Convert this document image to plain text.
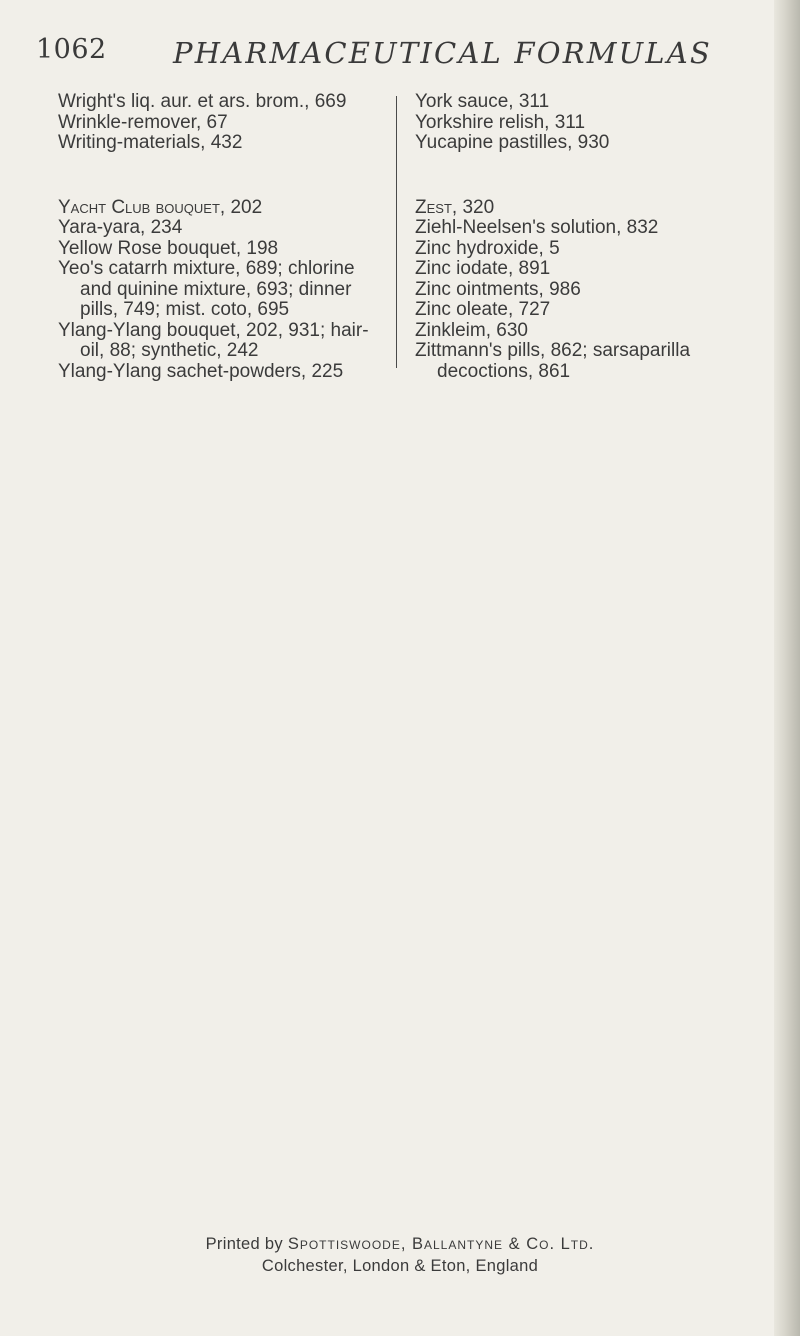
1062 PHARMACEUTICAL FORMULAS

Wright's liq. aur. et ars. brom., 669

Wrinkle-remover, 67

Writing-materials, 432

Yacht Club bouquet, 202

Yara-yara, 234

Yellow Rose bouquet, 198

Yeo's catarrh mixture, 689; chlorine and quinine mixture, 693; dinner pills, 749; mist. coto, 695

Ylang-Ylang bouquet, 202, 931; hair-oil, 88; synthetic, 242

Ylang-Ylang sachet-powders, 225

York sauce, 311

Yorkshire relish, 311

Yucapine pastilles, 930

Zest, 320

Ziehl-Neelsen's solution, 832

Zinc hydroxide, 5

Zinc iodate, 891

Zinc ointments, 986

Zinc oleate, 727

Zinkleim, 630

Zittmann's pills, 862; sarsaparilla decoctions, 861

Printed by Spottiswoode, Ballantyne & Co. Ltd.
Colchester, London & Eton, England
